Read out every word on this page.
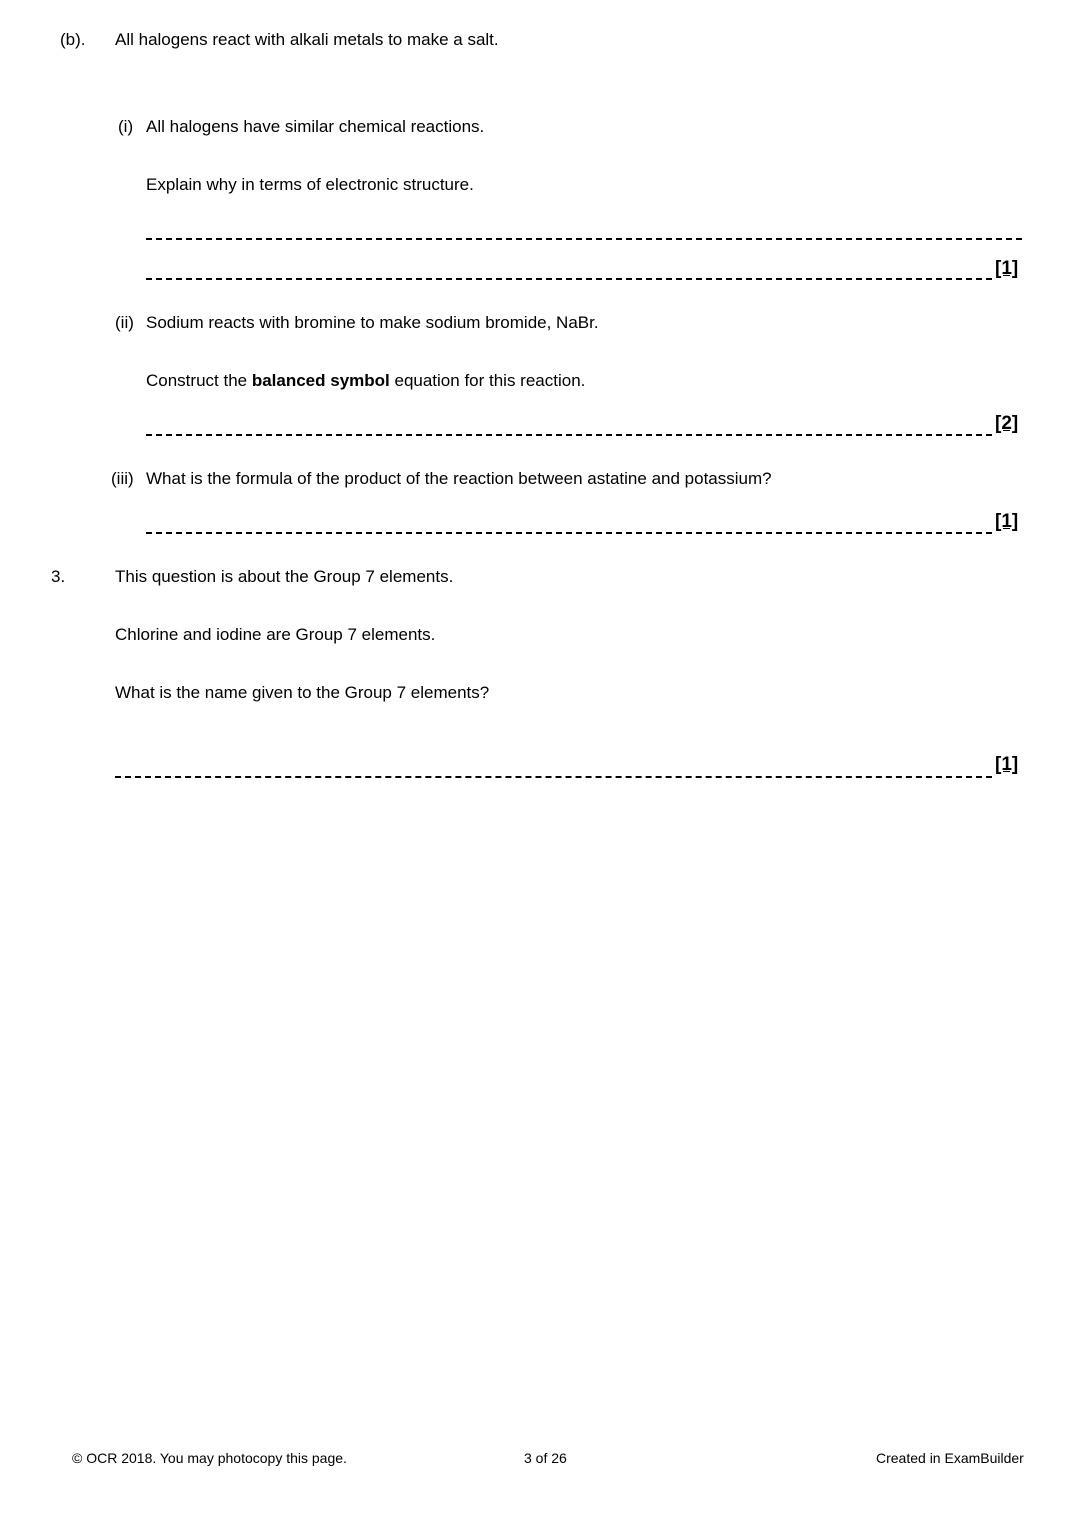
(b). All halogens react with alkali metals to make a salt.
(i) All halogens have similar chemical reactions.
Explain why in terms of electronic structure.
[1]
(ii) Sodium reacts with bromine to make sodium bromide, NaBr.
Construct the balanced symbol equation for this reaction.
[2]
(iii) What is the formula of the product of the reaction between astatine and potassium?
[1]
3.	This question is about the Group 7 elements.
Chlorine and iodine are Group 7 elements.
What is the name given to the Group 7 elements?
[1]
© OCR 2018. You may photocopy this page.	3 of 26	Created in ExamBuilder
